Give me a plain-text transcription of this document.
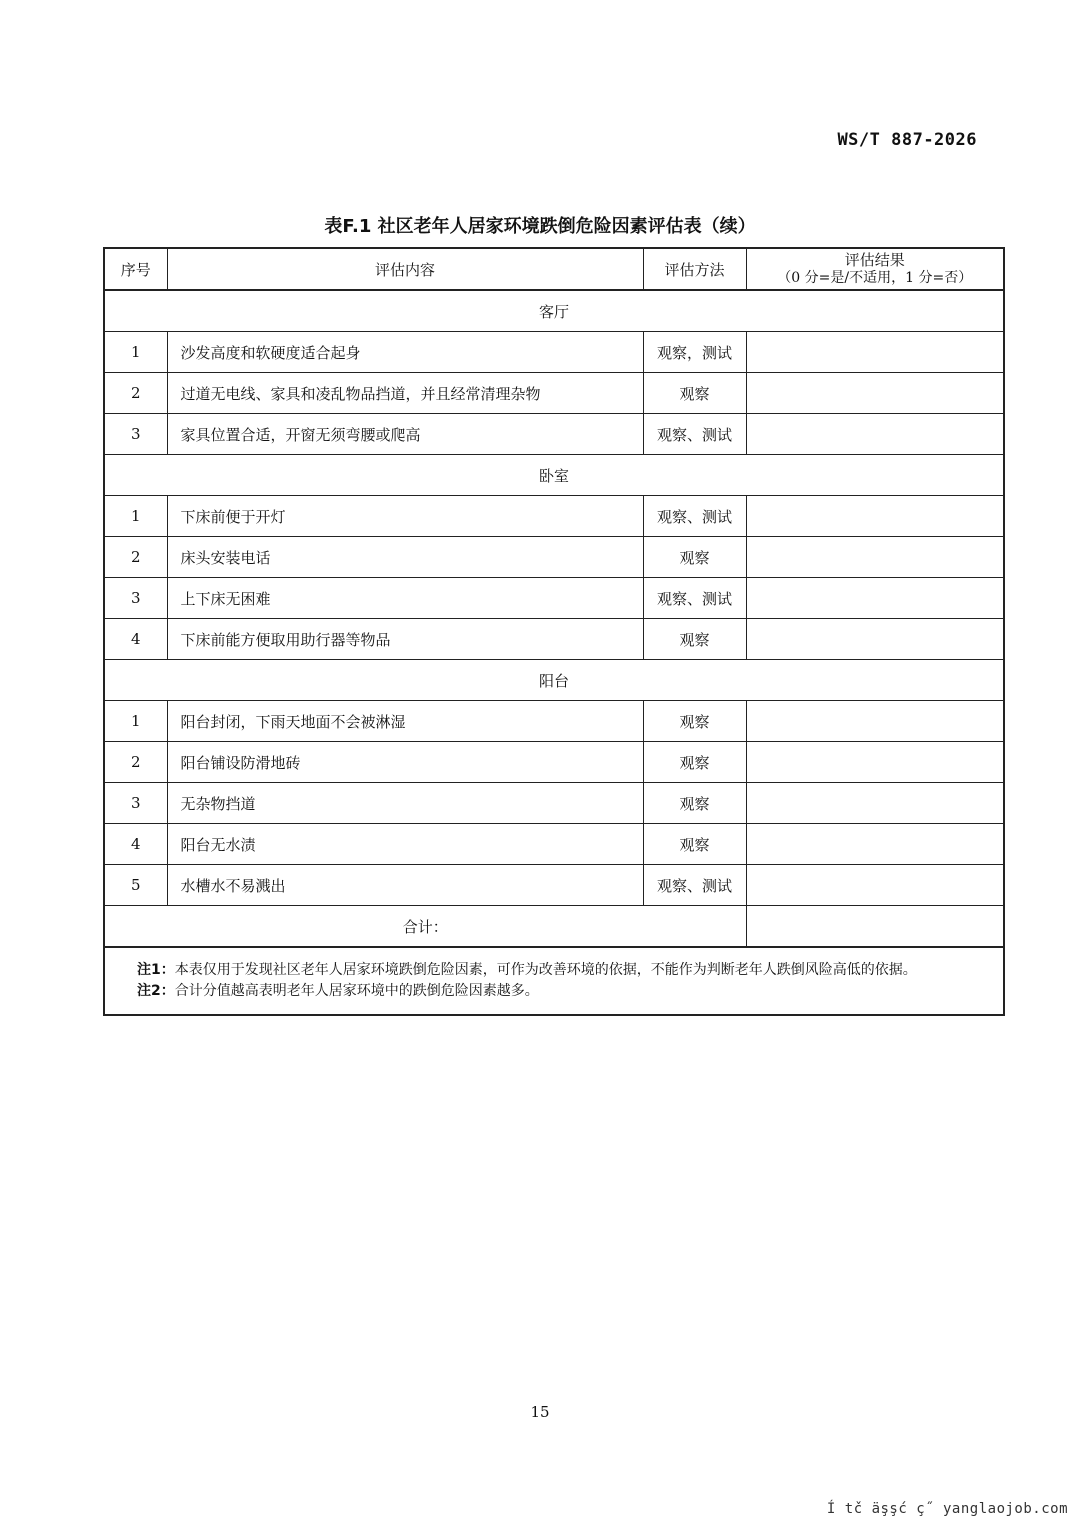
WS/T 887-2026
表F.1 社区老年人居家环境跌倒危险因素评估表（续）
序号	评估内容	评估方法	评估结果
（0 分=是/不适用，1 分=否）

客厅			
1	沙发高度和软硬度适合起身	观察，测试	
2	过道无电线、家具和凌乱物品挡道，并且经常清理杂物	观察	
3	家具位置合适，开窗无须弯腰或爬高	观察、测试	
卧室			
1	下床前便于开灯	观察、测试	
2	床头安装电话	观察	
3	上下床无困难	观察、测试	
4	下床前能方便取用助行器等物品	观察	
阳台			
1	阳台封闭，下雨天地面不会被淋湿	观察	
2	阳台铺设防滑地砖	观察	
3	无杂物挡道	观察	
4	阳台无水渍	观察	
5	水槽水不易溅出	观察、测试	
合计：			

注1： 本表仅用于发现社区老年人居家环境跌倒危险因素，可作为改善环境的依据，不能作为判断老年人跌倒风险高低的依据。
注2： 合计分值越高表明老年人居家环境中的跌倒危险因素越多。			
15
Í tč äşşć ç˝ yanglaojob.com
